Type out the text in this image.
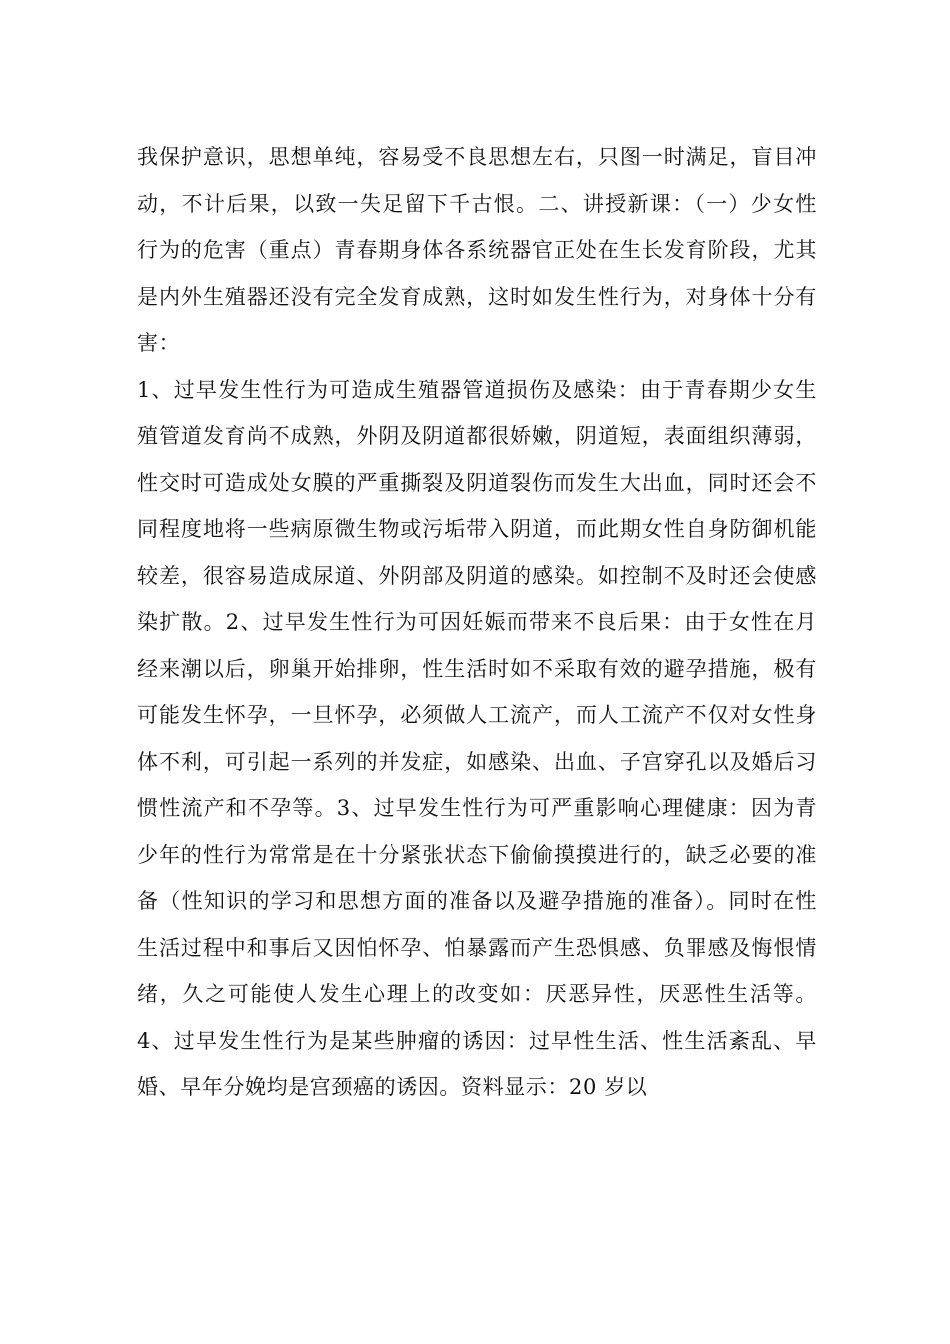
我保护意识，思想单纯，容易受不良思想左右，只图一时满足，盲目冲动，不计后果，以致一失足留下千古恨。二、讲授新课：（一）少女性行为的危害（重点）青春期身体各系统器官正处在生长发育阶段，尤其是内外生殖器还没有完全发育成熟，这时如发生性行为，对身体十分有害：

1、过早发生性行为可造成生殖器管道损伤及感染：由于青春期少女生殖管道发育尚不成熟，外阴及阴道都很娇嫩，阴道短，表面组织薄弱，性交时可造成处女膜的严重撕裂及阴道裂伤而发生大出血，同时还会不同程度地将一些病原微生物或污垢带入阴道，而此期女性自身防御机能较差，很容易造成尿道、外阴部及阴道的感染。如控制不及时还会使感染扩散。2、过早发生性行为可因妊娠而带来不良后果：由于女性在月经来潮以后，卵巢开始排卵，性生活时如不采取有效的避孕措施，极有可能发生怀孕，一旦怀孕，必须做人工流产，而人工流产不仅对女性身体不利，可引起一系列的并发症，如感染、出血、子宫穿孔以及婚后习惯性流产和不孕等。3、过早发生性行为可严重影响心理健康：因为青少年的性行为常常是在十分紧张状态下偷偷摸摸进行的，缺乏必要的准备（性知识的学习和思想方面的准备以及避孕措施的准备）。同时在性生活过程中和事后又因怕怀孕、怕暴露而产生恐惧感、负罪感及悔恨情绪，久之可能使人发生心理上的改变如：厌恶异性，厌恶性生活等。4、过早发生性行为是某些肿瘤的诱因：过早性生活、性生活紊乱、早婚、早年分娩均是宫颈癌的诱因。资料显示：20 岁以
